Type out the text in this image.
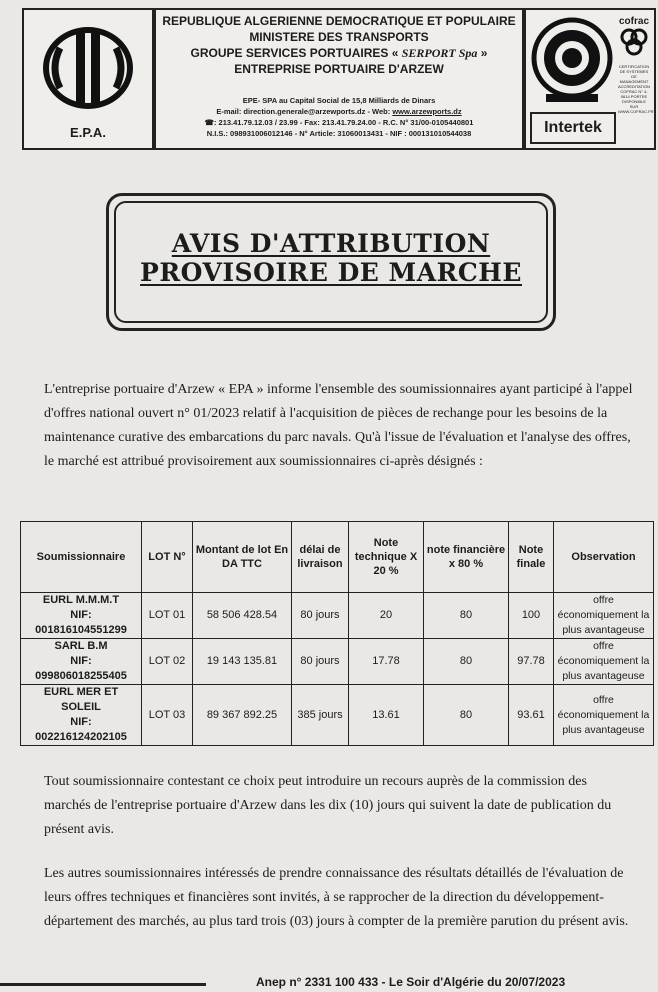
E.P.A.
REPUBLIQUE ALGERIENNE DEMOCRATIQUE ET POPULAIRE
MINISTERE DES TRANSPORTS
GROUPE SERVICES PORTUAIRES « SERPORT Spa »
ENTREPRISE PORTUAIRE D'ARZEW
EPE- SPA au Capital Social de 15,8 Milliards de Dinars
E-mail: direction.generale@arzewports.dz - Web: www.arzewports.dz
☎: 213.41.79.12.03 / 23.99 - Fax: 213.41.79.24.00 - R.C. N° 31/00-0105440801
N.I.S.: 098931006012146 - N° Article: 31060013431 - NIF : 000131010544038
cofrac
CERTIFICATION DE SYSTEMES DE MANAGEMENT ACCREDITATION COFRAC N° 4-0614 PORTEE DISPONIBLE SUR WWW.COFRAC.FR
Intertek
AVIS D'ATTRIBUTION
PROVISOIRE DE MARCHE
L'entreprise portuaire d'Arzew « EPA » informe l'ensemble des soumissionnaires ayant participé à l'appel d'offres national ouvert n° 01/2023 relatif à l'acquisition de pièces de rechange pour les besoins de la maintenance curative des embarcations du parc navals. Qu'à l'issue de l'évaluation et l'analyse des offres, le marché est attribué provisoirement aux soumissionnaires ci-après désignés :
Soumissionnaire	LOT N°	Montant de lot En DA TTC	délai de livraison	Note technique X 20 %	note financière x 80 %	Note finale	Observation

EURL M.M.M.T
NIF: 001816104551299	LOT 01	58 506 428.54	80 jours	20	80	100	offre économiquement la plus avantageuse

SARL B.M
NIF: 099806018255405	LOT 02	19 143 135.81	80 jours	17.78	80	97.78	offre économiquement la plus avantageuse

EURL MER ET SOLEIL
NIF: 002216124202105	LOT 03	89 367 892.25	385 jours	13.61	80	93.61	offre économiquement la plus avantageuse
Tout soumissionnaire contestant ce choix peut introduire un recours auprès de la commission des marchés de l'entreprise portuaire d'Arzew dans les dix (10) jours qui suivent la date de publication du présent avis.
Les autres soumissionnaires intéressés de prendre connaissance des résultats détaillés de l'évaluation de leurs offres techniques et financières sont invités, à se rapprocher de la direction du développement-département des marchés, au plus tard trois (03) jours à compter de la première parution du présent avis.
Anep n° 2331 100 433 - Le Soir d'Algérie du 20/07/2023
